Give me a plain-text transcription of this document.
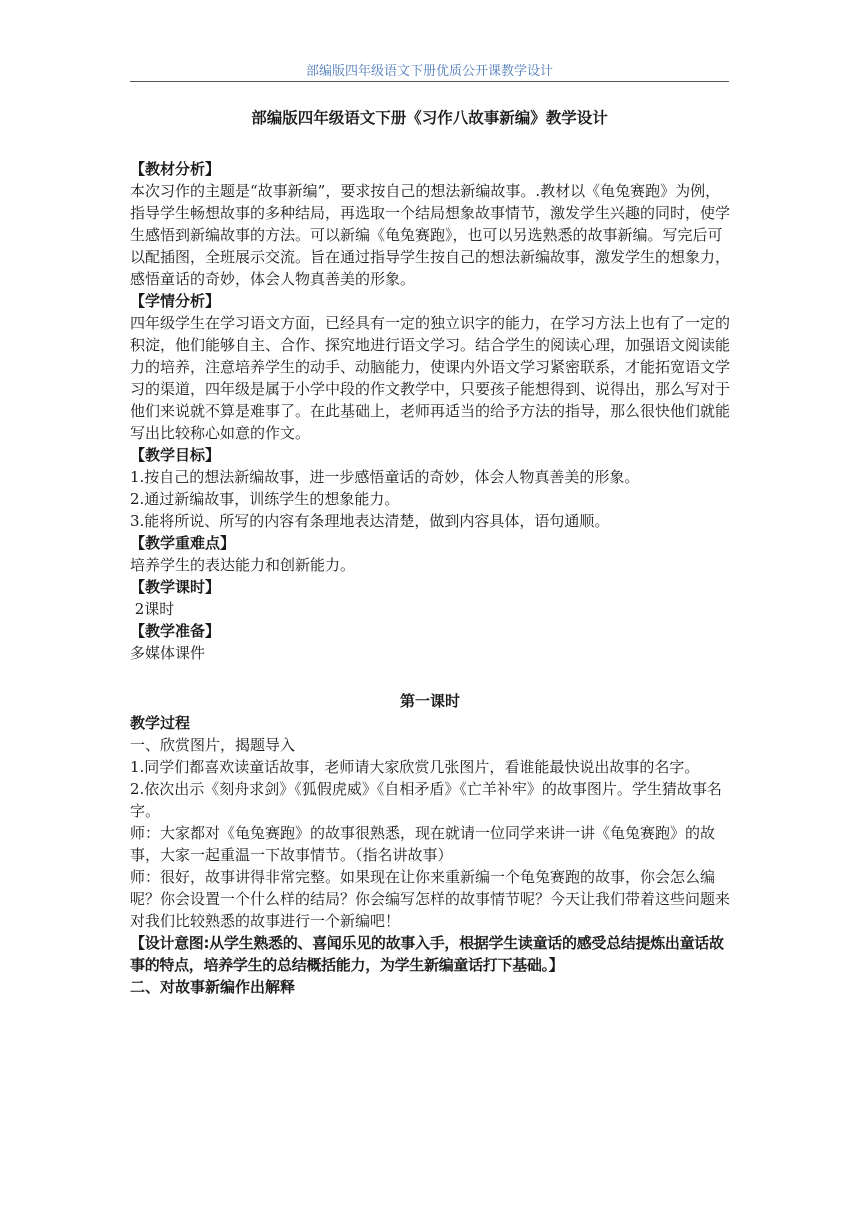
部编版四年级语文下册优质公开课教学设计
部编版四年级语文下册《习作八故事新编》教学设计

【教材分析】

本次习作的主题是“故事新编”，要求按自己的想法新编故事。.教材以《龟兔赛跑》为例，指导学生畅想故事的多种结局，再选取一个结局想象故事情节，激发学生兴趣的同时，使学生感悟到新编故事的方法。可以新编《龟兔赛跑》，也可以另选熟悉的故事新编。写完后可以配插图，全班展示交流。旨在通过指导学生按自己的想法新编故事，激发学生的想象力，感悟童话的奇妙，体会人物真善美的形象。

【学情分析】

四年级学生在学习语文方面，已经具有一定的独立识字的能力，在学习方法上也有了一定的积淀，他们能够自主、合作、探究地进行语文学习。结合学生的阅读心理，加强语文阅读能力的培养，注意培养学生的动手、动脑能力，使课内外语文学习紧密联系，才能拓宽语文学习的渠道，四年级是属于小学中段的作文教学中，只要孩子能想得到、说得出，那么写对于他们来说就不算是难事了。在此基础上，老师再适当的给予方法的指导，那么很快他们就能写出比较称心如意的作文。

【教学目标】

1.按自己的想法新编故事，进一步感悟童话的奇妙，体会人物真善美的形象。

2.通过新编故事，训练学生的想象能力。

3.能将所说、所写的内容有条理地表达清楚，做到内容具体，语句通顺。

【教学重难点】

培养学生的表达能力和创新能力。

【教学课时】

2课时

【教学准备】

多媒体课件

第一课时

教学过程

一、欣赏图片，揭题导入

1.同学们都喜欢读童话故事，老师请大家欣赏几张图片，看谁能最快说出故事的名字。

2.依次出示《刻舟求剑》《狐假虎威》《自相矛盾》《亡羊补牢》的故事图片。学生猜故事名字。

师：大家都对《龟兔赛跑》的故事很熟悉，现在就请一位同学来讲一讲《龟兔赛跑》的故事，大家一起重温一下故事情节。（指名讲故事）

师：很好，故事讲得非常完整。如果现在让你来重新编一个龟兔赛跑的故事，你会怎么编呢？你会设置一个什么样的结局？你会编写怎样的故事情节呢？今天让我们带着这些问题来对我们比较熟悉的故事进行一个新编吧！

【设计意图:从学生熟悉的、喜闻乐见的故事入手，根据学生读童话的感受总结提炼出童话故事的特点，培养学生的总结概括能力，为学生新编童话打下基础。】

二、对故事新编作出解释
